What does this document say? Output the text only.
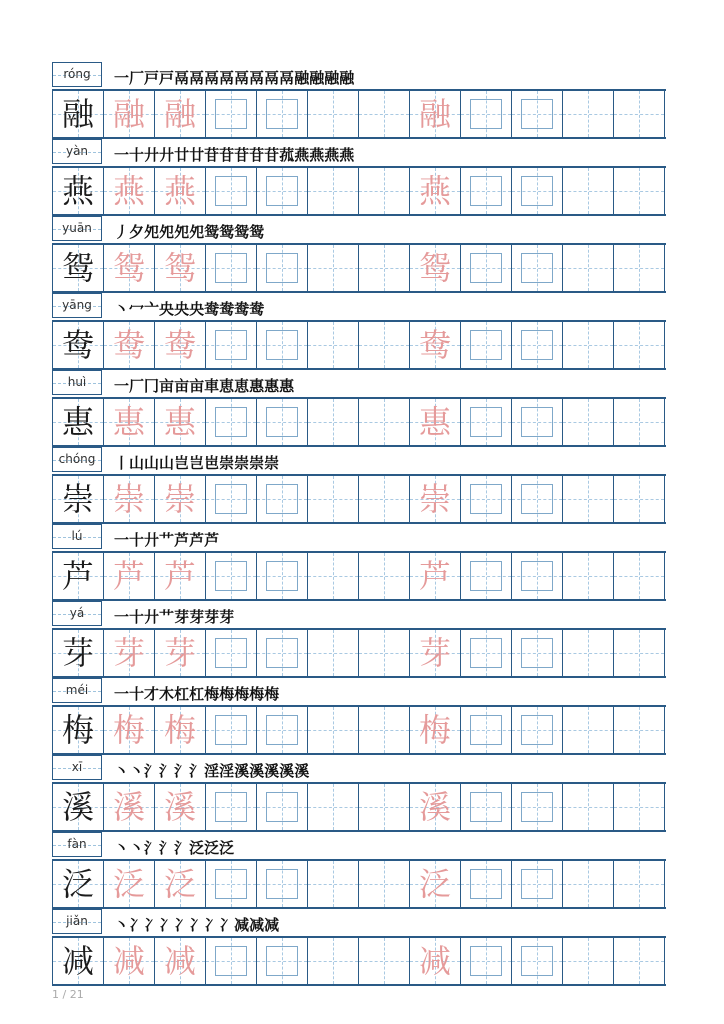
róng	一 厂 戸 戸 鬲 鬲 鬲 鬲 鬲 鬲 鬲 鬲 融 融 融 融
融 融 融	融
yàn	一 十 廾 廾 廿 廿 苷 苷 苷 苷 苷 菰 燕 燕 燕 燕
燕 燕 燕	燕
yuān	丿 夕 夗 夗 夗 夗 鸳 鸳 鸳 鸳
鸳 鸳 鸳	鸳
yāng	丶 冖 亠 央 央 央 鸯 鸯 鸯 鸯
鸯 鸯 鸯	鸯
huì	一 厂 冂 亩 亩 亩 車 恵 恵 惠 惠 惠
惠 惠 惠	惠
chóng	丨 山 山 山 岂 岂 岜 崇 崇 崇 崇
崇 崇 崇	崇
lú	一 十 廾 艹 芦 芦 芦
芦 芦 芦	芦
yá	一 十 廾 艹 芽 芽 芽 芽
芽 芽 芽	芽
méi	一 十 才 木 杠 杠 梅 梅 梅 梅 梅
梅 梅 梅	梅
xī	丶 丶 氵 氵 氵 氵 淫 淫 溪 溪 溪 溪 溪
溪 溪 溪	溪
fàn	丶 丶 氵 氵 氵 泛 泛 泛
泛 泛 泛	泛
jiǎn	丶 冫 冫 冫 冫 冫 冫 冫 减 减 减
减 减 减	减
1 / 21
